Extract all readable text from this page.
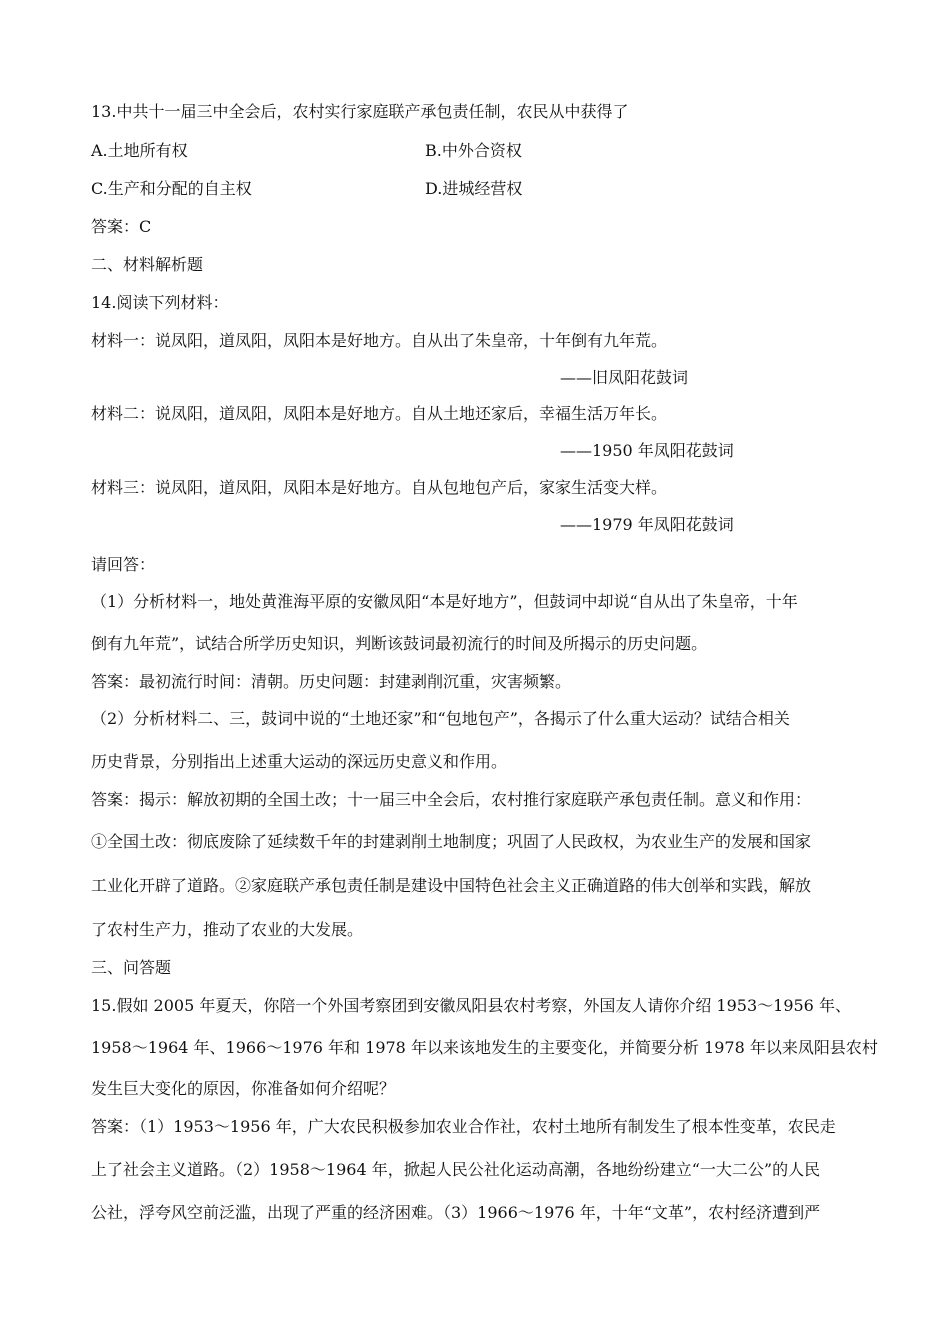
13.中共十一届三中全会后，农村实行家庭联产承包责任制，农民从中获得了
A.土地所有权	B.中外合资权
C.生产和分配的自主权	D.进城经营权
答案：C
二、材料解析题
14.阅读下列材料：
材料一：说凤阳，道凤阳，凤阳本是好地方。自从出了朱皇帝，十年倒有九年荒。
——旧凤阳花鼓词
材料二：说凤阳，道凤阳，凤阳本是好地方。自从土地还家后，幸福生活万年长。
——1950 年凤阳花鼓词
材料三：说凤阳，道凤阳，凤阳本是好地方。自从包地包产后，家家生活变大样。
——1979 年凤阳花鼓词
请回答：
（1）分析材料一，地处黄淮海平原的安徽凤阳“本是好地方”，但鼓词中却说“自从出了朱皇帝，十年
倒有九年荒”，试结合所学历史知识，判断该鼓词最初流行的时间及所揭示的历史问题。
答案：最初流行时间：清朝。历史问题：封建剥削沉重，灾害频繁。
（2）分析材料二、三，鼓词中说的“土地还家”和“包地包产”，各揭示了什么重大运动？试结合相关
历史背景，分别指出上述重大运动的深远历史意义和作用。
答案：揭示：解放初期的全国土改；十一届三中全会后，农村推行家庭联产承包责任制。意义和作用：
①全国土改：彻底废除了延续数千年的封建剥削土地制度；巩固了人民政权，为农业生产的发展和国家
工业化开辟了道路。②家庭联产承包责任制是建设中国特色社会主义正确道路的伟大创举和实践，解放
了农村生产力，推动了农业的大发展。
三、问答题
15.假如 2005 年夏天，你陪一个外国考察团到安徽凤阳县农村考察，外国友人请你介绍 1953～1956 年、
1958～1964 年、1966～1976 年和 1978 年以来该地发生的主要变化，并简要分析 1978 年以来凤阳县农村
发生巨大变化的原因，你准备如何介绍呢？
答案：（1）1953～1956 年，广大农民积极参加农业合作社，农村土地所有制发生了根本性变革，农民走
上了社会主义道路。（2）1958～1964 年，掀起人民公社化运动高潮，各地纷纷建立“一大二公”的人民
公社，浮夸风空前泛滥，出现了严重的经济困难。（3）1966～1976 年，十年“文革”，农村经济遭到严
